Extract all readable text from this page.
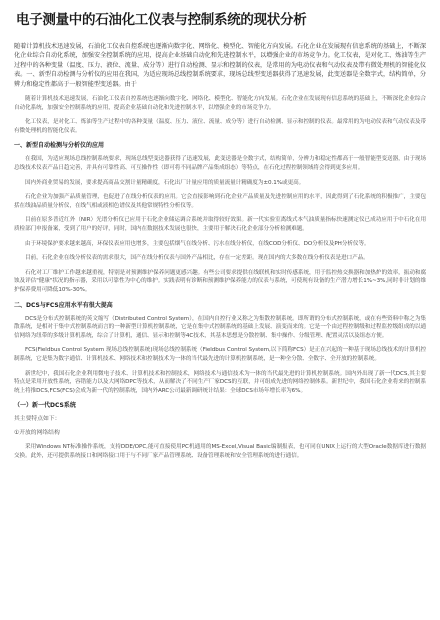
电子测量中的石油化工仪表与控制系统的现状分析

随着计算机技术迅速发展，石油化工仪表自控系统也逐渐向数字化、网络化、模型化、智能化方向发展。石化企业在发展现有信息系统的基础上，不断深化企业综合自动化系统，加强安全控制系统的应用，提高企业基础自动化和先进控制水平，以增强企业的市场竞争力。化工仪表，是对化工、炼油等生产过程中的各种变量（温度、压力、液位、流量、成分等）进行自动检测、显示和控制的仪表，是常用的为电动仪表和气动仪表及带有微处理机的智能化仪表。一、新型自动检测与分析仪的应用在我国，为适应现场总线控制系统要求，现场总线型变送器获得了迅速发展，此变送器是全数字式，结构简单，分辨力和稳定性都高于一般智能型变送器。由于

随着计算机技术迅速发展，石油化工仪表自控系统也逐渐向数字化、网络化、模型化、智能化方向发展。石化企业在发展现有信息系统的基础上，不断深化企业综合自动化系统，加强安全控制系统的应用，提高企业基础自动化和先进控制水平，以增强企业的市场竞争力。

化工仪表，是对化工、炼油等生产过程中的各种变量（温度、压力、液位、流量、成分等）进行自动检测、显示和控制的仪表。最常用的为电动仪表和气动仪表及带有微处理机的智能化仪表。

一、新型自动检测与分析仪的应用

在我国，为适应现场总线控制系统要求，现场总线型变送器获得了迅速发展，此变送器是全数字式，结构简单，分辨力和稳定性都高于一般智能型变送器，由于现场总线技术仪表产品日趋完善，并具有可靠性高、可互操作性（即可将不同品牌产品集成组态）等特点，在石化过程控制领域将会得到更多应用。

国内外商业贸易的发展，要求提高商品交割计量精确度，石化出厂计量应用的质量流量计精确度为±0.1%或更高。

石化企业为加强产品质量管理，也促进了在线分析仪表的应用。它会直接影响到石化企业产品质量及先进控制应用的水平，因此得到了石化系统的积极推广，主要包括在线油品质量分析仪，在线气相或液相色谱仪及其他常规特性分析仪等。

目前在原多普近红外（NIR）光谱分析仪已应用于石化企业储运调合系统并取得较好效果。新一代实验室离线式本气油质量指标快速测定仪已成功应用于中石化在用质检部门申报备案，受到了用户的好评，同时，国内在数据技术发展也很快，主要用于解决石化企业部分分析检测难题。

由于环境保护要求越来越高，环保仪表应用也增多，主要包括烟气在线分析、污水在线分析仪，在线COD分析仪、DO分析仪及PH分析仪等。

目前，石化企业在线分析仪表的需求很大，国产在线分析仪表与国外产品相比，存在一定差距。现在国内的大多数在线分析仪表是进口产品。

石化对工厂维护工作越来越重视，特别是对预测维护保养问题更感兴趣。有些公司要求提供在线联机和实时传感系统，用于监控热交换器和加热炉的效率，振动和腐蚀及评估"健康"状况的指示器，采用以可靠性为中心的维护。实践表明有诊断和预测维护保养能力的仪表与系统，可使现有设备的生产潜力增长1%~3%,同时非计划的维护保养费用可降低10%-30%。

二、DCS与FCS应用水平有很大提高

DCS是分布式控制系统的英文缩写（Distributed Control System），在国内自控行业又称之为集散控制系统。即所谓的分布式控制系统，或在有些资料中称之为集散系统，是相对于集中式控制系统而言的一种新型计算机控制系统，它是在集中式控制系统的基础上发展、演变而来的。它是一个由过程控制级和过程监控级组成的以通信网络为纽带的多级计算机系统，综合了计算机，通信、显示和控制等4C技术，其基本思想是分散控制、集中操作、分级管理、配置灵活以及组态方便。

FCS(Fieldbus Control System 现场总线控制系统)现场总线控制系统（Fieldbus Control System,以下简称FCS）是正在兴起的一种基于现场总线技术的计算机控制系统，它是集为数字通信、计算机技术、网络技术和控制技术为一体的当代最先进的计算机控制系统，是一种全分散、全数字、全开放的控制系统。

新世纪中，我国石化企业利用微电子技术、计算机技术和控制技术，网络技术与通信技术为一体的当代最先进的计算机控制系统。国内外出现了新一代DCS,其主要特点是采用开放性系统，容错能力以及大网络DPC等技术，从而解决了不同生产厂家DCS的互联，并可组成先进的网络控制体系。新世纪中，我国石化企业将来的控制系统上将推DCS,FCS(FCS)会成为新一代的控制系统，国内外ARC公司最新调研统计结果：全球DCS市场年增长率为6%。

（一）新一代DCS系统
其主要特点如下：
①开放的网络结构

采用Windows NT标准操作系统，支持DDE/OPC,能可直接使用PC机通用的MS-Excel,Visual Basic编制报表，也可同在UNIX上运行的大型Oracle数据库进行数据交换。此外，还可提供系统接口和网络接口用于与不同厂家产品管理系统、设备管理系统和安全管理系统的进行通信。
